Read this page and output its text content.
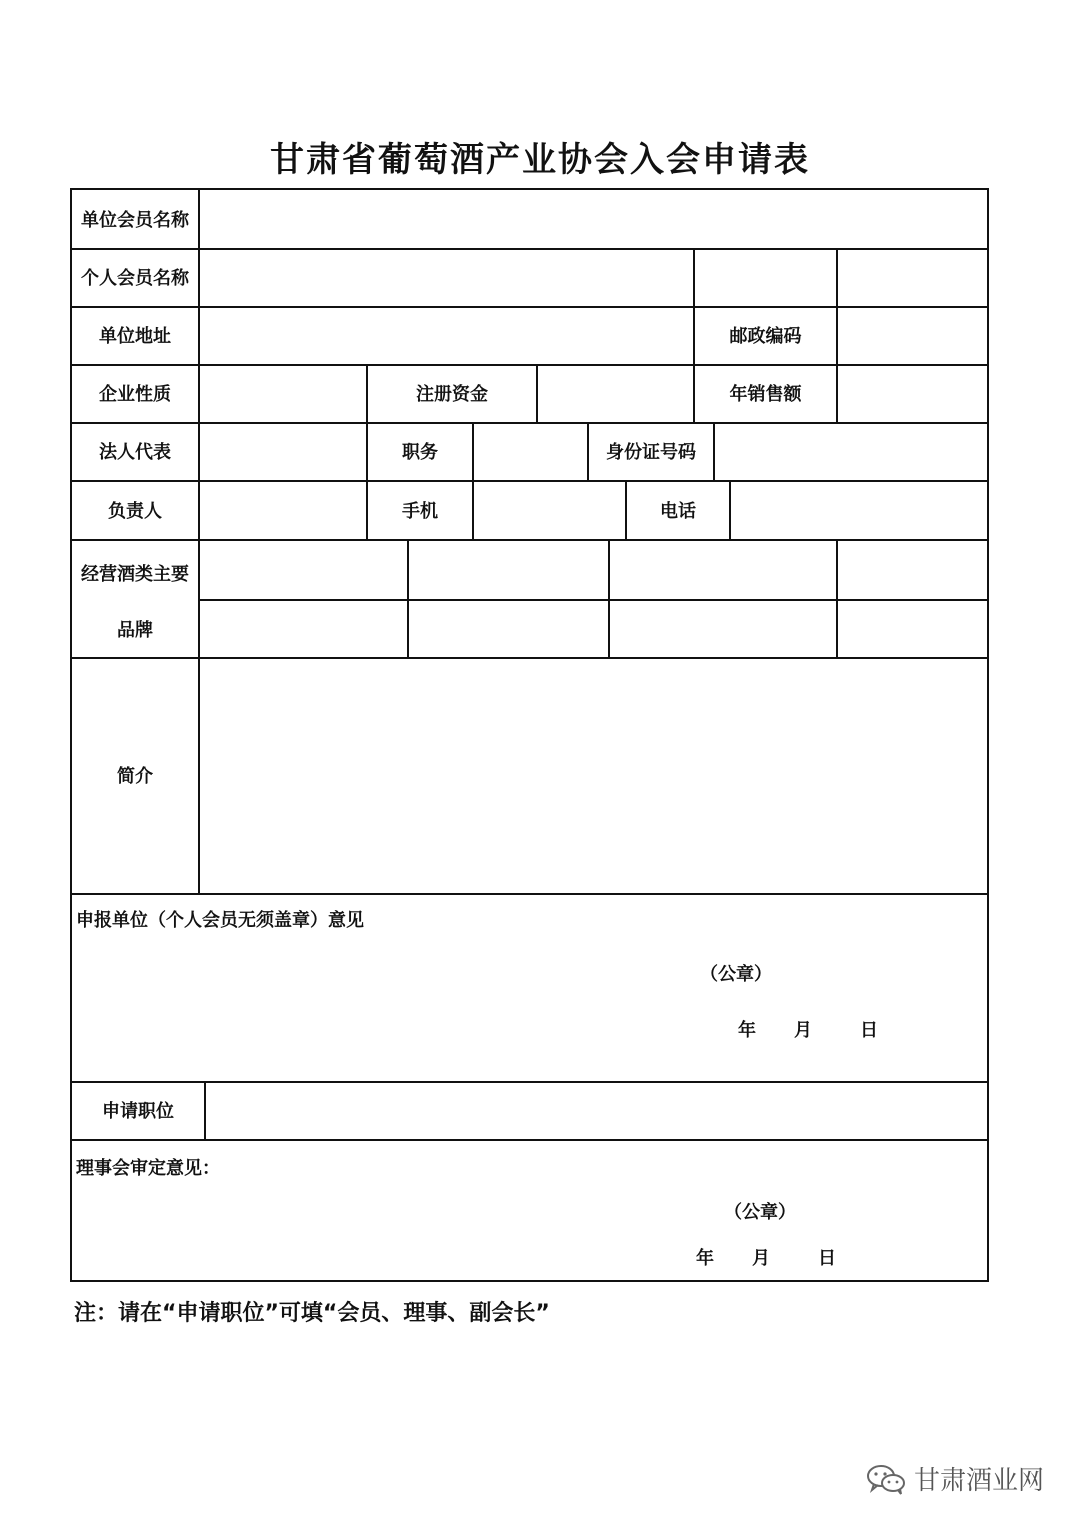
甘肃省葡萄酒产业协会入会申请表
单位会员名称
个人会员名称
单位地址	邮政编码
企业性质	注册资金	年销售额
法人代表	职务	身份证号码
负责人	手机	电话
经营酒类主要
品牌
简介
申报单位（个人会员无须盖章）意见
（公章）
年 月	日
申请职位
理事会审定意见：
（公章）
年 月	日
注：请在“申请职位”可填“会员、理事、副会长”
甘肃酒业网
